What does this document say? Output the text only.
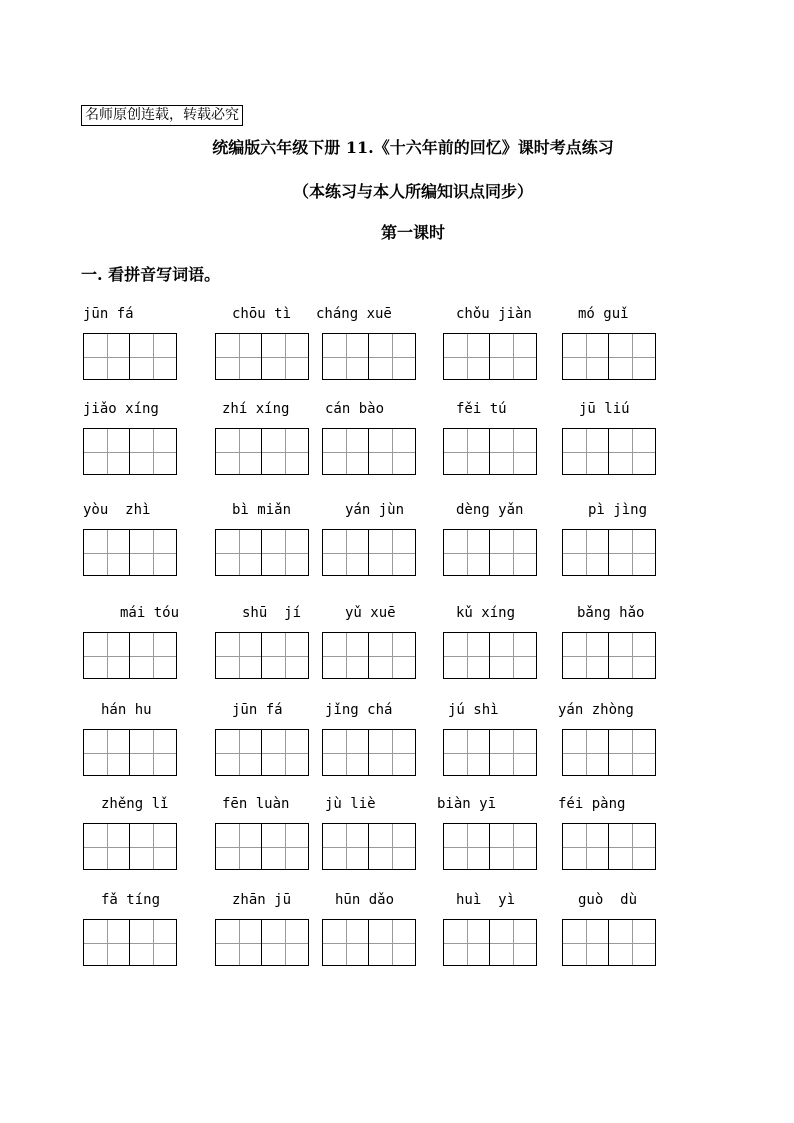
名师原创连载，转载必究
统编版六年级下册 11.《十六年前的回忆》课时考点练习
（本练习与本人所编知识点同步）
第一课时
一. 看拼音写词语。
jūn fá	chōu tì cháng xuē	chǒu jiàn	mó guǐ
jiǎo xíng	zhí xíng	cán bào	fěi tú	jū liú
yòu  zhì	bì miǎn	yán jùn	dèng yǎn	pì jìng
mái tóu	shū  jí	yǔ xuē	kǔ xíng	bǎng hǎo
hán hu	jūn fá	jǐng chá	jú shì	yán zhòng
zhěng lǐ	fēn luàn	jù liè	biàn yī	féi pàng
fǎ tíng	zhān jū	hūn dǎo	huì  yì	guò  dù
